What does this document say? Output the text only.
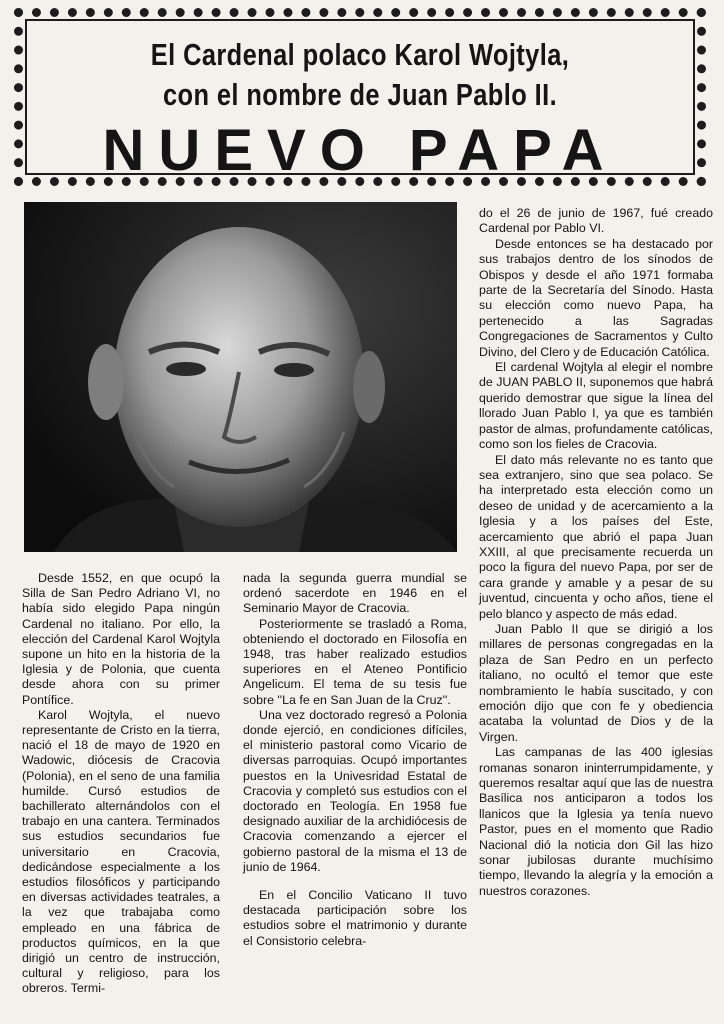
El Cardenal polaco Karol Wojtyla,
con el nombre de Juan Pablo II.
NUEVO PAPA

Desde 1552, en que ocupó la Silla de San Pedro Adriano VI, no había sido elegido Papa ningún Cardenal no italiano. Por ello, la elección del Cardenal Karol Wojtyla supone un hito en la historia de la Iglesia y de Polonia, que cuenta desde ahora con su primer Pontífice.

Karol Wojtyla, el nuevo representante de Cristo en la tierra, nació el 18 de mayo de 1920 en Wadowic, diócesis de Cracovia (Polonia), en el seno de una familia humilde. Cursó estudios de bachillerato alternándolos con el trabajo en una cantera. Terminados sus estudios secundarios fue universitario en Cracovia, dedicándose especialmente a los estudios filosóficos y participando en diversas actividades teatrales, a la vez que trabajaba como empleado en una fábrica de productos químicos, en la que dirigió un centro de instrucción, cultural y religioso, para los obreros. Termi-

nada la segunda guerra mundial se ordenó sacerdote en 1946 en el Seminario Mayor de Cracovia.

Posteriormente se trasladó a Roma, obteniendo el doctorado en Filosofía en 1948, tras haber realizado estudios superiores en el Ateneo Pontificio Angelicum. El tema de su tesis fue sobre ''La fe en San Juan de la Cruz''.

Una vez doctorado regresó a Polonia donde ejerció, en condiciones difíciles, el ministerio pastoral como Vicario de diversas parroquias. Ocupó importantes puestos en la Univesridad Estatal de Cracovia y completó sus estudios con el doctorado en Teología. En 1958 fue designado auxiliar de la archidiócesis de Cracovia comenzando a ejercer el gobierno pastoral de la misma el 13 de junio de 1964.

En el Concilio Vaticano II tuvo destacada participación sobre los estudios sobre el matrimonio y durante el Consistorio celebra-

do el 26 de junio de 1967, fué creado Cardenal por Pablo VI.

Desde entonces se ha destacado por sus trabajos dentro de los sínodos de Obispos y desde el año 1971 formaba parte de la Secretaría del Sínodo. Hasta su elección como nuevo Papa, ha pertenecido a las Sagradas Congregaciones de Sacramentos y Culto Divino, del Clero y de Educación Católica.

El cardenal Wojtyla al elegir el nombre de JUAN PABLO II, suponemos que habrá querido demostrar que sigue la línea del llorado Juan Pablo I, ya que es también pastor de almas, profundamente católicas, como son los fieles de Cracovia.

El dato más relevante no es tanto que sea extranjero, sino que sea polaco. Se ha interpretado esta elección como un deseo de unidad y de acercamiento a la Iglesia y a los países del Este, acercamiento que abrió el papa Juan XXIII, al que precisamente recuerda un poco la figura del nuevo Papa, por ser de cara grande y amable y a pesar de su juventud, cincuenta y ocho años, tiene el pelo blanco y aspecto de más edad.

Juan Pablo II que se dirigió a los millares de personas congregadas en la plaza de San Pedro en un perfecto italiano, no ocultó el temor que este nombramiento le había suscitado, y con emoción dijo que con fe y obediencia acataba la voluntad de Dios y de la Virgen.

Las campanas de las 400 iglesias romanas sonaron ininterrumpidamente, y queremos resaltar aquí que las de nuestra Basílica nos anticiparon a todos los llanicos que la Iglesia ya tenía nuevo Pastor, pues en el momento que Radio Nacional dió la noticia don Gil las hizo sonar jubilosas durante muchísimo tiempo, llevando la alegría y la emoción a nuestros corazones.
